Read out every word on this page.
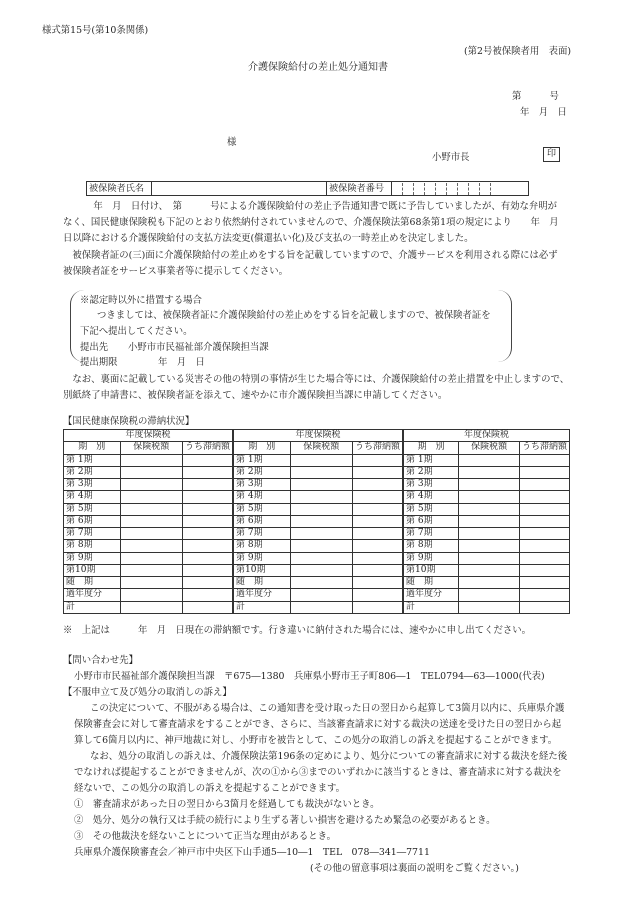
様式第15号(第10条関係)
(第2号被保険者用　表面)
介護保険給付の差止処分通知書
第　　　号
年　月　日
様
小野市長	印
被保険者氏名		被保険者番号	
　年　月　日付け、　第　　　号による介護保険給付の差止予告通知書で既に予告していましたが、有効な弁明が
なく、国民健康保険税も下記のとおり依然納付されていませんので、介護保険法第68条第1項の規定により　　年　月
日以降における介護保険給付の支払方法変更(償還払い化)及び支払の一時差止めを決定しました。
　被保険者証の(三)面に介護保険給付の差止めをする旨を記載していますので、介護サービスを利用される際には必ず
被保険者証をサービス事業者等に提示してください。
※認定時以外に措置する場合
つきましては、被保険者証に介護保険給付の差止めをする旨を記載しますので、被保険者証を
下記へ提出してください。
提出先 小野市市民福祉部介護保険担当課
提出期限	年　月　日
　なお、裏面に記載している災害その他の特別の事情が生じた場合等には、介護保険給付の差止措置を中止しますので、
別紙終了申請書に、被保険者証を添えて、速やかに市介護保険担当課に申請してください。
【国民健康保険税の滞納状況】
年度保険税		
期　別	保険税額	うち滞納額
第 1期		
第 2期		
第 3期		
第 4期		
第 5期		
第 6期		
第 7期		
第 8期		
第 9期		
第10期		
随　期		
過年度分		
計		
年度保険税		
期　別	保険税額	うち滞納額
第 1期		
第 2期		
第 3期		
第 4期		
第 5期		
第 6期		
第 7期		
第 8期		
第 9期		
第10期		
随　期		
過年度分		
計		
年度保険税		
期　別	保険税額	うち滞納額
第 1期		
第 2期		
第 3期		
第 4期		
第 5期		
第 6期		
第 7期		
第 8期		
第 9期		
第10期		
随　期		
過年度分		
計		
※　上記は　　　年　月　日現在の滞納額です。行き違いに納付された場合には、速やかに申し出てください。
【問い合わせ先】
小野市市民福祉部介護保険担当課　〒675―1380　兵庫県小野市王子町806―1　TEL0794―63―1000(代表)
【不服申立て及び処分の取消しの訴え】
この決定について、不服がある場合は、この通知書を受け取った日の翌日から起算して3箇月以内に、兵庫県介護
保険審査会に対して審査請求をすることができ、さらに、当該審査請求に対する裁決の送達を受けた日の翌日から起
算して6箇月以内に、神戸地裁に対し、小野市を被告として、この処分の取消しの訴えを提起することができます。
なお、処分の取消しの訴えは、介護保険法第196条の定めにより、処分についての審査請求に対する裁決を経た後
でなければ提起することができませんが、次の①から③までのいずれかに該当するときは、審査請求に対する裁決を
経ないで、この処分の取消しの訴えを提起することができます。
①　審査請求があった日の翌日から3箇月を経過しても裁決がないとき。
②　処分、処分の執行又は手続の続行により生ずる著しい損害を避けるため緊急の必要があるとき。
③　その他裁決を経ないことについて正当な理由があるとき。
兵庫県介護保険審査会／神戸市中央区下山手通5―10―1　TEL　078―341―7711
(その他の留意事項は裏面の説明をご覧ください。)
